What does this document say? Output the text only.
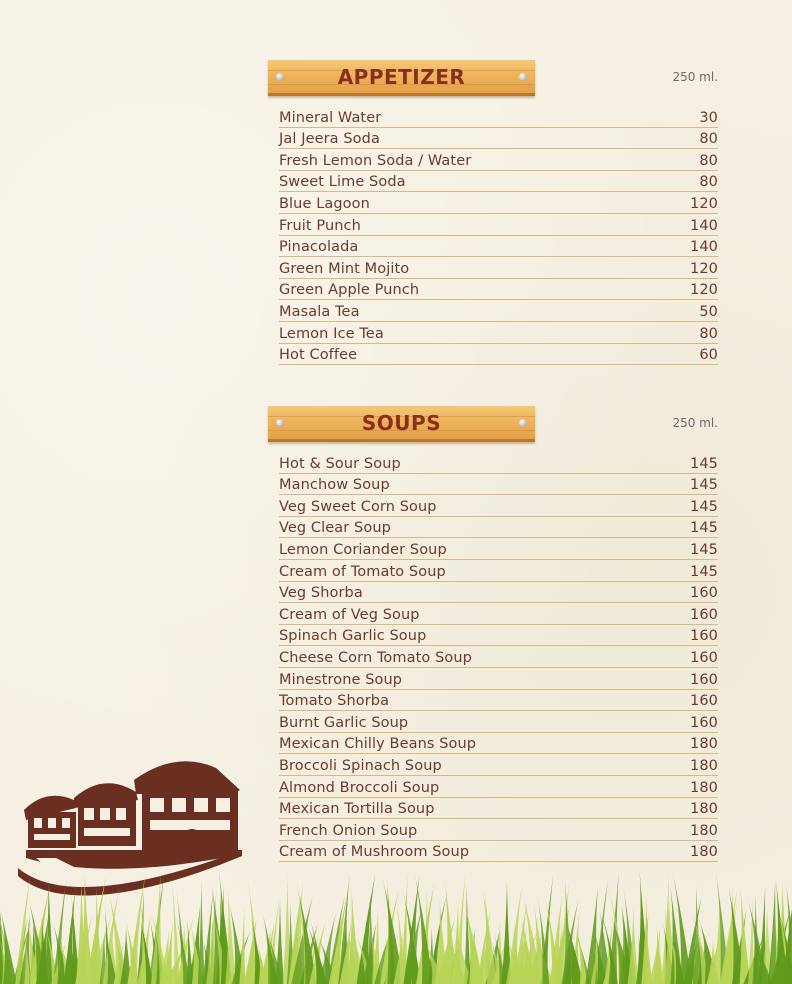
APPETIZER	250 ml.
Mineral Water	30
Jal Jeera Soda	80
Fresh Lemon Soda / Water	80
Sweet Lime Soda	80
Blue Lagoon	120
Fruit Punch	140
Pinacolada	140
Green Mint Mojito	120
Green Apple Punch	120
Masala Tea	50
Lemon Ice Tea	80
Hot Coffee	60
SOUPS	250 ml.
Hot & Sour Soup	145
Manchow Soup	145
Veg Sweet Corn Soup	145
Veg Clear Soup	145
Lemon Coriander Soup	145
Cream of Tomato Soup	145
Veg Shorba	160
Cream of Veg Soup	160
Spinach Garlic Soup	160
Cheese Corn Tomato Soup	160
Minestrone Soup	160
Tomato Shorba	160
Burnt Garlic Soup	160
Mexican Chilly Beans Soup	180
Broccoli Spinach Soup	180
Almond Broccoli Soup	180
Mexican Tortilla Soup	180
French Onion Soup	180
Cream of Mushroom Soup	180
